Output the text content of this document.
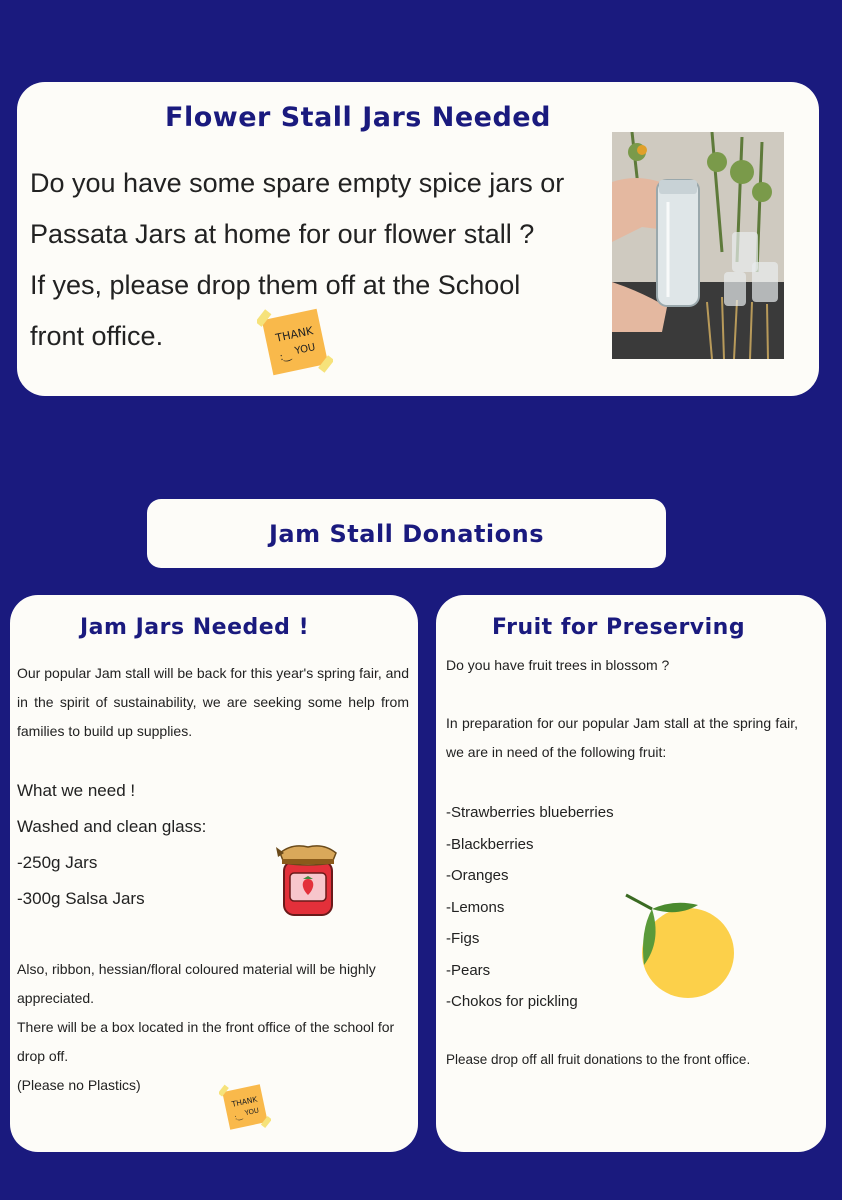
Flower Stall Jars Needed

Do you have some spare empty spice jars or

Passata Jars at home for our flower stall ?

If yes, please drop them off at the School

front office.	THANK
YOU
:‿
Jam Stall Donations
Jam Jars Needed !

Our popular Jam stall will be back for this year's spring fair, and in the spirit of sustainability, we are seeking some help from families to build up supplies.

What we need !
Washed and clean glass:
-250g Jars
-300g Salsa Jars

Also, ribbon, hessian/floral coloured material will be highly appreciated.

There will be a box located in the front office of the school for drop off.

(Please no Plastics)

THANK
YOU
:‿
Fruit for Preserving

Do you have fruit trees in blossom ?

In preparation for our popular Jam stall at the spring fair, we are in need of the following fruit:

-Strawberries blueberries
-Blackberries
-Oranges
-Lemons
-Figs
-Pears
-Chokos for pickling

Please drop off all fruit donations to the front office.
